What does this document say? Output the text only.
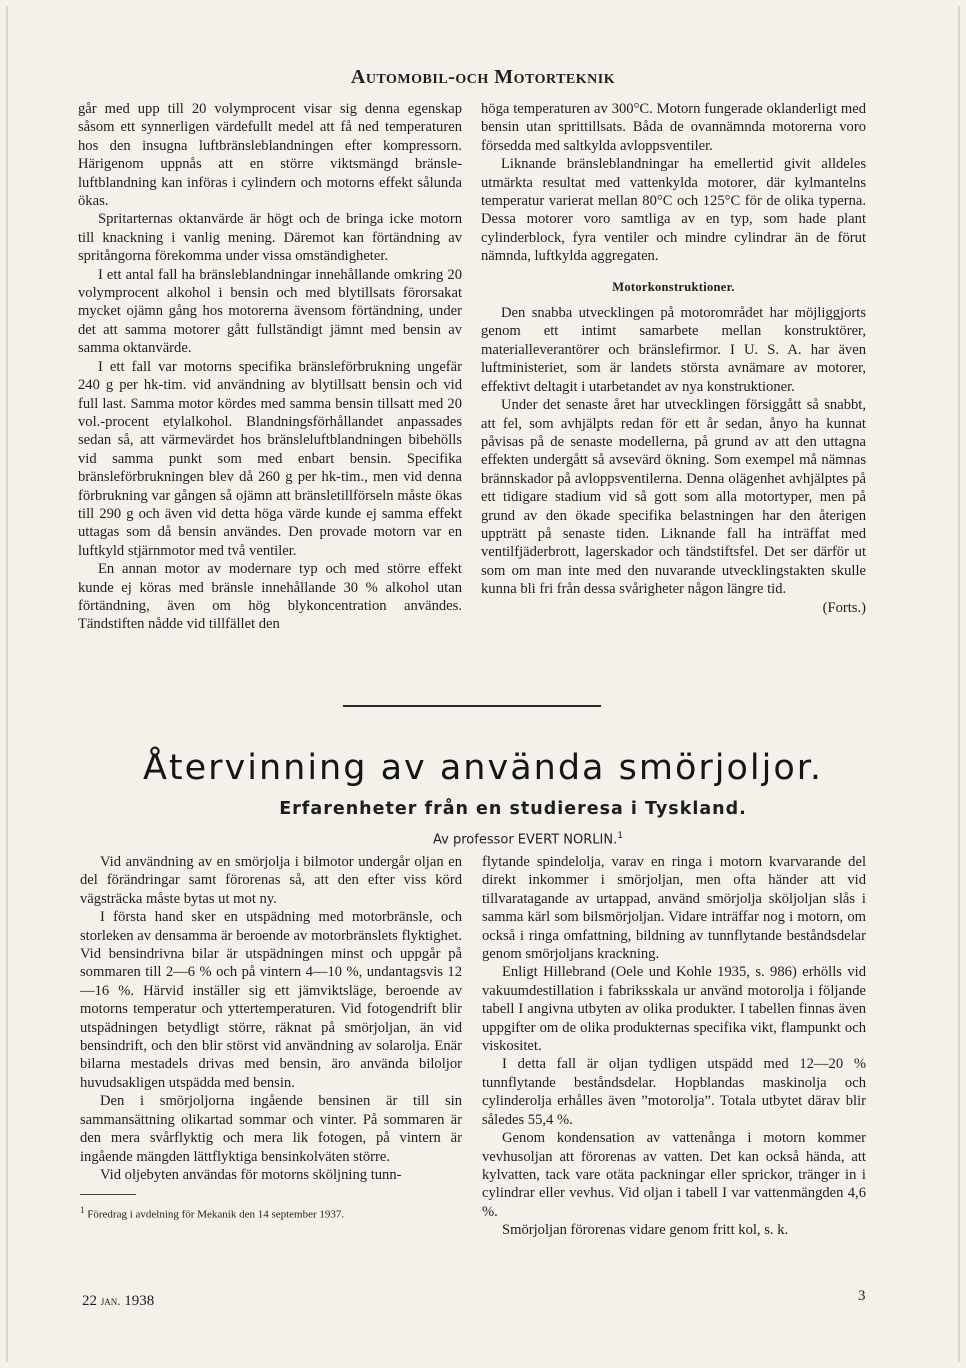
Automobil-och Motorteknik

går med upp till 20 volymprocent visar sig denna egenskap såsom ett synnerligen värdefullt medel att få ned temperaturen hos den insugna luftbränsleblandningen efter kompressorn. Härigenom uppnås att en större viktsmängd bränsle-luftblandning kan införas i cylindern och motorns effekt sålunda ökas.

Spritarternas oktanvärde är högt och de bringa icke motorn till knackning i vanlig mening. Däremot kan förtändning av spritångorna förekomma under vissa omständigheter.

I ett antal fall ha bränsleblandningar innehållande omkring 20 volymprocent alkohol i bensin och med blytillsats förorsakat mycket ojämn gång hos motorerna ävensom förtändning, under det att samma motorer gått fullständigt jämnt med bensin av samma oktanvärde.

I ett fall var motorns specifika bränsleförbrukning ungefär 240 g per hk-tim. vid användning av blytillsatt bensin och vid full last. Samma motor kördes med samma bensin tillsatt med 20 vol.-procent etylalkohol. Blandningsförhållandet anpassades sedan så, att värmevärdet hos bränsleluftblandningen bibehölls vid samma punkt som med enbart bensin. Specifika bränsleförbrukningen blev då 260 g per hk-tim., men vid denna förbrukning var gången så ojämn att bränsletillförseln måste ökas till 290 g och även vid detta höga värde kunde ej samma effekt uttagas som då bensin användes. Den provade motorn var en luftkyld stjärnmotor med två ventiler.

En annan motor av modernare typ och med större effekt kunde ej köras med bränsle innehållande 30 % alkohol utan förtändning, även om hög blykoncentration användes. Tändstiften nådde vid tillfället den

höga temperaturen av 300°C. Motorn fungerade oklanderligt med bensin utan sprittillsats. Båda de ovannämnda motorerna voro försedda med saltkylda avloppsventiler.

Liknande bränsleblandningar ha emellertid givit alldeles utmärkta resultat med vattenkylda motorer, där kylmantelns temperatur varierat mellan 80°C och 125°C för de olika typerna. Dessa motorer voro samtliga av en typ, som hade plant cylinderblock, fyra ventiler och mindre cylindrar än de förut nämnda, luftkylda aggregaten.

Motorkonstruktioner.

Den snabba utvecklingen på motorområdet har möjliggjorts genom ett intimt samarbete mellan konstruktörer, materialleverantörer och bränslefirmor. I U. S. A. har även luftministeriet, som är landets största avnämare av motorer, effektivt deltagit i utarbetandet av nya konstruktioner.

Under det senaste året har utvecklingen försiggått så snabbt, att fel, som avhjälpts redan för ett år sedan, ånyo ha kunnat påvisas på de senaste modellerna, på grund av att den uttagna effekten undergått så avsevärd ökning. Som exempel må nämnas brännskador på avloppsventilerna. Denna olägenhet avhjälptes på ett tidigare stadium vid så gott som alla motortyper, men på grund av den ökade specifika belastningen har den återigen uppträtt på senaste tiden. Liknande fall ha inträffat med ventilfjäderbrott, lagerskador och tändstiftsfel. Det ser därför ut som om man inte med den nuvarande utvecklingstakten skulle kunna bli fri från dessa svårigheter någon längre tid.
(Forts.)

Återvinning av använda smörjoljor.
Erfarenheter från en studieresa i Tyskland.
Av professor EVERT NORLIN.$^1$

Vid användning av en smörjolja i bilmotor undergår oljan en del förändringar samt förorenas så, att den efter viss körd vägsträcka måste bytas ut mot ny.

I första hand sker en utspädning med motorbränsle, och storleken av densamma är beroende av motorbränslets flyktighet. Vid bensindrivna bilar är utspädningen minst och uppgår på sommaren till 2—6 % och på vintern 4—10 %, undantagsvis 12—16 %. Härvid inställer sig ett jämviktsläge, beroende av motorns temperatur och yttertemperaturen. Vid fotogendrift blir utspädningen betydligt större, räknat på smörjoljan, än vid bensindrift, och den blir störst vid användning av solarolja. Enär bilarna mestadels drivas med bensin, äro använda biloljor huvudsakligen utspädda med bensin.

Den i smörjoljorna ingående bensinen är till sin sammansättning olikartad sommar och vinter. På sommaren är den mera svårflyktig och mera lik fotogen, på vintern är ingående mängden lättflyktiga bensinkolväten större.

Vid oljebyten användas för motorns sköljning tunn-

$^1$ Föredrag i avdelning för Mekanik den 14 september 1937.

flytande spindelolja, varav en ringa i motorn kvarvarande del direkt inkommer i smörjoljan, men ofta händer att vid tillvaratagande av urtappad, använd smörjolja sköljoljan slås i samma kärl som bilsmörjoljan. Vidare inträffar nog i motorn, om också i ringa omfattning, bildning av tunnflytande beståndsdelar genom smörjoljans krackning.

Enligt Hillebrand (Oele und Kohle 1935, s. 986) erhölls vid vakuumdestillation i fabriksskala ur använd motorolja i följande tabell I angivna utbyten av olika produkter. I tabellen finnas även uppgifter om de olika produkternas specifika vikt, flampunkt och viskositet.

I detta fall är oljan tydligen utspädd med 12—20 % tunnflytande beståndsdelar. Hopblandas maskinolja och cylinderolja erhålles även ”motorolja”. Totala utbytet därav blir således 55,4 %.

Genom kondensation av vattenånga i motorn kommer vevhusoljan att förorenas av vatten. Det kan också hända, att kylvatten, tack vare otäta packningar eller sprickor, tränger in i cylindrar eller vevhus. Vid oljan i tabell I var vattenmängden 4,6 %.

Smörjoljan förorenas vidare genom fritt kol, s. k.

22 jan. 1938	3
